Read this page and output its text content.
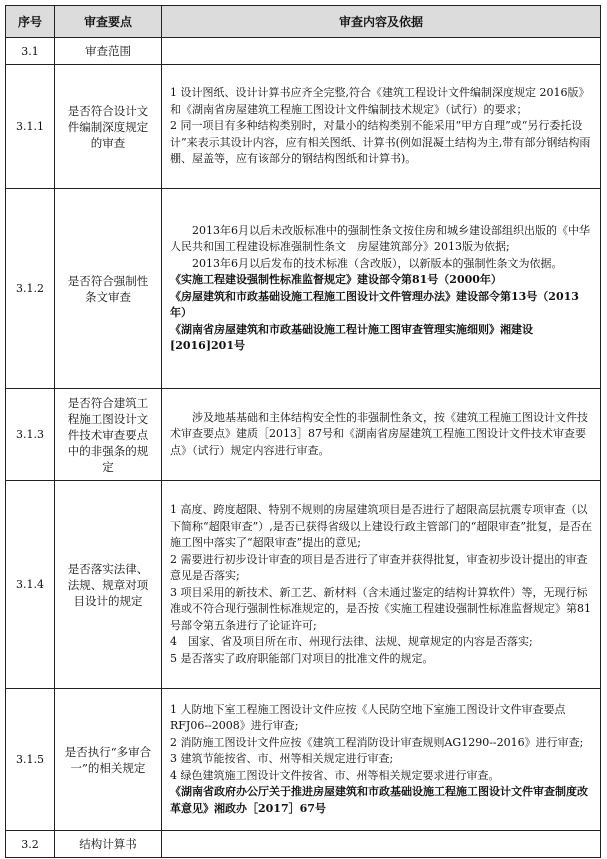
序号	审查要点	审查内容及依据
3.1	审查范围	
3.1.1	是否符合设计文件编制深度规定的审查	1 设计图纸、设计计算书应齐全完整,符合《建筑工程设计文件编制深度规定 2016版》和《湖南省房屋建筑工程施工图设计文件编制技术规定》（试行）的要求；

2 同一项目有多种结构类别时，对量小的结构类别不能采用“甲方自理”或“另行委托设计”来表示其设计内容，应有相关图纸、计算书(例如混凝土结构为主,带有部分钢结构雨棚、屋盖等，应有该部分的钢结构图纸和计算书)。

3.1.2	是否符合强制性条文审查	2013年6月以后未改版标准中的强制性条文按住房和城乡建设部组织出版的《中华人民共和国工程建设标准强制性条文　房屋建筑部分》2013版为依据;

2013年6月以后发布的技术标准（含改版），以新版本的强制性条文为依据。

《实施工程建设强制性标准监督规定》建设部令第81号（2000年）

《房屋建筑和市政基础设施工程施工图设计文件管理办法》建设部令第13号（2013年）

《湖南省房屋建筑和市政基础设施工程计施工图审查管理实施细则》湘建设[2016]201号

3.1.3	是否符合建筑工程施工图设计文件技术审查要点中的非强条的规定	涉及地基基础和主体结构安全性的非强制性条文，按《建筑工程施工图设计文件技术审查要点》建质［2013］87号和《湖南省房屋建筑工程施工图设计文件技术审查要点》（试行）规定内容进行审查。

3.1.4	是否落实法律、法规、规章对项目设计的规定	1 高度、跨度超限、特别不规则的房屋建筑项目是否进行了超限高层抗震专项审查（以下简称“超限审查”）,是否已获得省级以上建设行政主管部门的“超限审查”批复，是否在施工图中落实了“超限审查”提出的意见;

2 需要进行初步设计审查的项目是否进行了审查并获得批复，审查初步设计提出的审查意见是否落实;

3 项目采用的新技术、新工艺、新材料（含未通过鉴定的结构计算软件）等，无现行标准或不符合现行强制性标准规定的，是否按《实施工程建设强制性标准监督规定》第81号部令第五条进行了论证许可;

4　国家、省及项目所在市、州现行法律、法规、规章规定的内容是否落实;

5 是否落实了政府职能部门对项目的批准文件的规定。

3.1.5	是否执行“多审合一”的相关规定	1 人防地下室工程施工图设计文件应按《人民防空地下室施工图设计文件审查要点RFJ06--2008》进行审查;

2 消防施工图设计文件应按《建筑工程消防设计审查规则AG1290--2016》进行审查;

3 建筑节能按省、市、州等相关规定进行审查;

4 绿色建筑施工图设计文件按省、市、州等相关规定要求进行审查。

《湖南省政府办公厅关于推进房屋建筑和市政基础设施工程施工图设计文件审查制度改革意见》湘政办［2017］67号

3.2	结构计算书	
